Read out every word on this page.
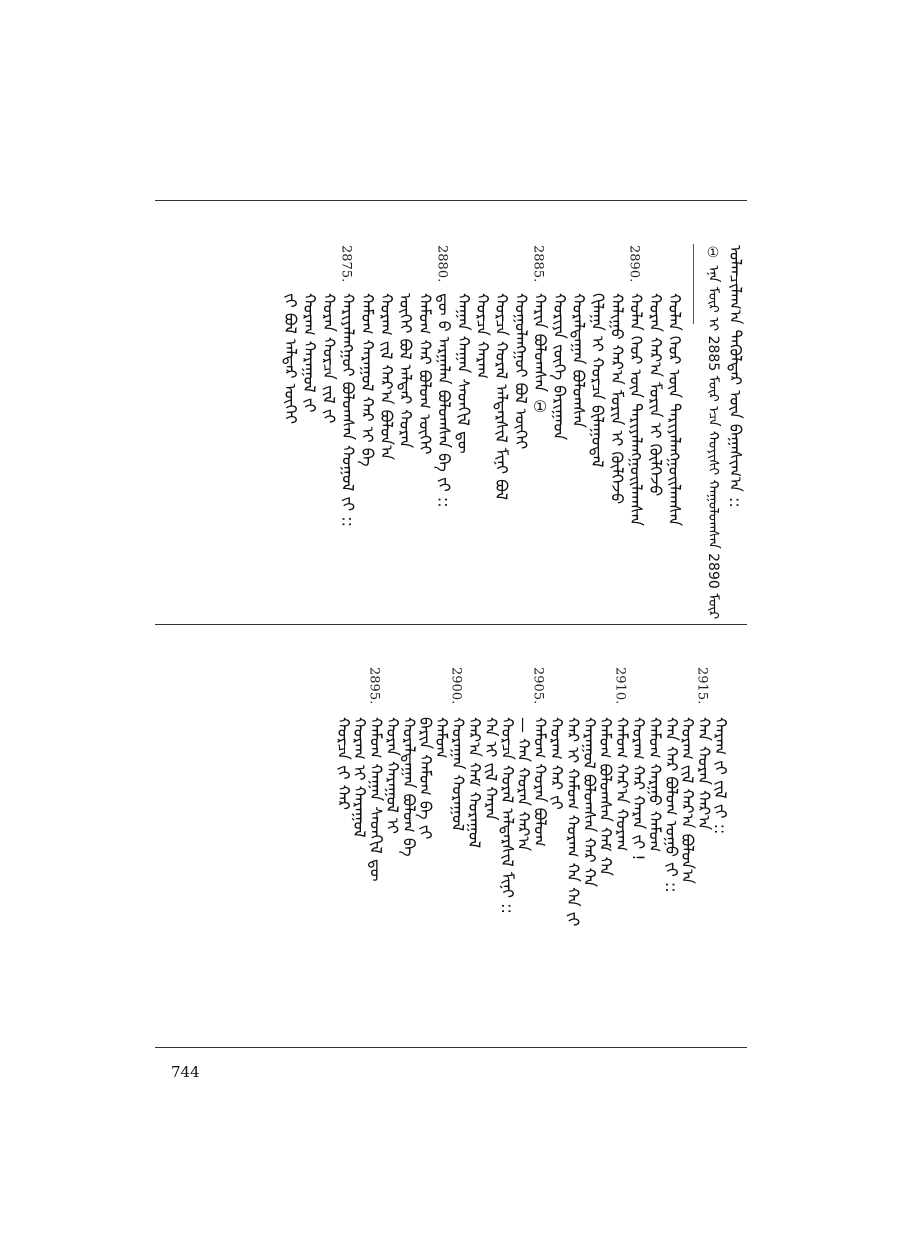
ᠣᠯᠠᠨᠴᠢᠯᠠᠭ᠎ᠠ ᠲᠡᠭᠦᠯᠳᠡᠷ ᠦᠨ ᠪᠠᠭᠠᠰᠢᠭ᠎ᠠ ::
① ᠡᠨᠡ ᠮᠥᠷ ᠢ 2885 ᠮᠥᠷ ᠡᠴᠡ ᠬᠣᠶᠢᠰᠢ ᠬᠠᠭᠤᠯᠤᠭᠰᠠᠨ 2890 ᠮᠥᠷ
ᠬᠤᠯᠠᠨ ᠬᠡᠦᠷ ᠦᠨ ᠲᠠᠷᠢᠶᠠᠯᠠᠩᠭᠤᠢᠯᠠᠭᠰᠠᠨ
ᠬᠤᠷᠠᠨ ᠬᠠᠷ᠎ᠠ ᠮᠣᠷᠢᠨ ᠢ ᠬᠥᠯᠭᠡᠵᠦ
2890.
ᠬᠤᠯᠠᠨ ᠬᠡᠦᠷ ᠦᠨ ᠲᠠᠷᠢᠶᠠᠯᠠᠩᠭᠤᠢᠯᠠᠭᠰᠠᠨ
ᠬᠠᠯᠢᠭᠤ ᠬᠠᠷ᠎ᠠ ᠮᠣᠷᠢᠨ ᠢ ᠬᠥᠯᠭᠡᠵᠦ
ᠬᠢᠯᠠᠭᠠ ᠢ ᠬᠤᠷᠴᠠ ᠪᠢᠯᠠᠭᠤᠳᠠᠯ
ᠬᠤᠷᠠᠯᠳᠠᠭᠠᠨ ᠪᠣᠯᠤᠭᠰᠠᠨ
ᠬᠤᠷᠢᠶᠠ ᠵᠦᠭᠡ ᠪᠠᠷᠢᠭᠠᠳ
2885.
ᠬᠠᠷᠢᠨ ᠪᠣᠯᠤᠭᠰᠠᠨ ①
ᠬᠣᠭᠣᠯᠠᠩᠭᠤᠢ ᠪᠣᠯ ᠦᠭᠡᠢ
ᠬᠤᠷᠴᠠ ᠬᠤᠷᠠᠯ ᠠᠯᠳᠠᠷᠰᠢᠯ ᠮᠢᠨᠢ ᠪᠣᠯ
ᠬᠤᠷᠴᠠ ᠬᠠᠷᠠᠭ
ᠬᠠᠭᠠᠨ ᠬᠠᠭᠠᠨ ᠰᠡᠳᠭᠢᠯ ᠳᠦ
2880.
ᠳᠦ ᠪ ᠠᠷᠭᠠᠯᠠᠨ ᠪᠣᠯᠤᠭᠰᠠᠨ ᠪᠠ ᠵᠢ ::
ᠬᠠᠮᠤᠭ ᠬᠠᠷ ᠪᠣᠯᠤᠭ ᠦᠭᠡᠢ
ᠦᠭᠡᠢ ᠪᠣᠯ ᠠᠯᠳᠠᠷ ᠬᠤᠷᠠᠨ
ᠬᠤᠷᠠᠭ ᠵᠢᠯ ᠬᠠᠷ᠎ᠠ ᠪᠣᠯᠤᠨ᠎ᠠ
ᠬᠠᠮᠤᠭ ᠬᠠᠷᠠᠭᠤᠯ ᠬᠠᠷ ᠢ ᠪᠠ
2875.
ᠬᠠᠷᠢᠶᠠᠯᠠᠩᠭᠤᠢ ᠪᠣᠯᠤᠭᠰᠠᠨ ᠬᠣᠭᠣᠯ ᠵᠢ ::
ᠬᠤᠷᠠᠨ ᠬᠤᠷᠴᠠ ᠵᠢᠯ ᠵᠢ
ᠬᠤᠷᠠᠭ ᠬᠠᠷᠠᠭᠤᠯ ᠵᠢ
ᠵᠢ ᠪᠣᠯ ᠠᠯᠳᠠᠷ ᠦᠭᠡᠢ
ᠬᠠᠷᠠᠭ ᠵᠢ ᠵᠢᠯ ᠵᠢ ::
2915.
ᠬᠠᠨ ᠬᠤᠷᠠᠨ ᠬᠠᠷ᠎ᠠ
ᠬᠤᠷᠠᠭ ᠵᠢᠯ ᠬᠠᠷ᠎ᠠ ᠪᠣᠯᠤᠨ᠎ᠠ
ᠬᠠᠨ ᠬᠠᠷ ᠪᠣᠯᠤᠭ ᠤᠭᠤ ᠵᠢ ::
ᠬᠠᠮᠤᠭ ᠬᠠᠷᠭᠤ ᠬᠠᠮᠤᠭ
ᠬᠤᠷᠠᠭ ᠬᠠᠷ ᠬᠠᠷᠠᠨ ᠵᠢ !
2910.
ᠬᠠᠮᠤᠭ ᠬᠠᠷ᠎ᠠ ᠬᠤᠷᠠᠭ
ᠬᠠᠮᠤᠭ ᠪᠣᠯᠤᠭᠰᠠᠨ ᠬᠠᠮ ᠬᠠ
ᠬᠠᠷᠠᠭᠤᠯ ᠪᠣᠯᠤᠭᠰᠠᠨ ᠬᠠᠷ ᠬᠠ
ᠬᠠᠷ ᠢ ᠬᠠᠮᠤᠭ ᠬᠤᠷᠠᠭ ᠬᠠ ᠬᠠ ᠵᠢ
ᠬᠤᠷᠠᠭ ᠬᠠᠷ ᠵᠢ
2905.
ᠬᠠᠮᠤᠭ ᠬᠤᠷᠠᠨ ᠪᠣᠯᠤᠭ
— ᠬᠠᠨ ᠬᠤᠷᠠᠨ ᠬᠠᠷ᠎ᠠ
ᠬᠤᠷᠴᠠ ᠬᠤᠷᠠᠯ ᠠᠯᠳᠠᠷᠰᠢᠯ ᠮᠢᠨᠢ ::
ᠬᠠ ᠢ ᠵᠢᠯ ᠬᠠᠷᠠᠨ
ᠬᠠᠷ᠎ᠠ ᠬᠠᠮ ᠬᠤᠷᠠᠭᠤᠯ
2900.
ᠬᠤᠷᠠᠭᠠᠨ ᠬᠤᠷᠠᠭᠤᠯ
ᠬᠠᠮᠤᠭ
ᠪᠠᠷᠢᠨ ᠬᠠᠮᠤᠭ ᠪᠠ ᠵᠢ
ᠬᠤᠷᠠᠯᠳᠠᠭᠠᠨ ᠪᠣᠯᠤᠭ ᠪᠠ
ᠬᠤᠷᠠᠨ ᠬᠠᠷᠠᠭᠤᠯ ᠢ
2895.
ᠬᠠᠮᠤᠭ ᠬᠠᠭᠠᠨ ᠰᠡᠳᠭᠢᠯ ᠳᠦ
ᠬᠤᠷᠠᠭ ᠢ ᠬᠠᠷᠠᠭᠤᠯ
ᠬᠤᠷᠴᠠ ᠵᠢ ᠬᠠᠷ
744
